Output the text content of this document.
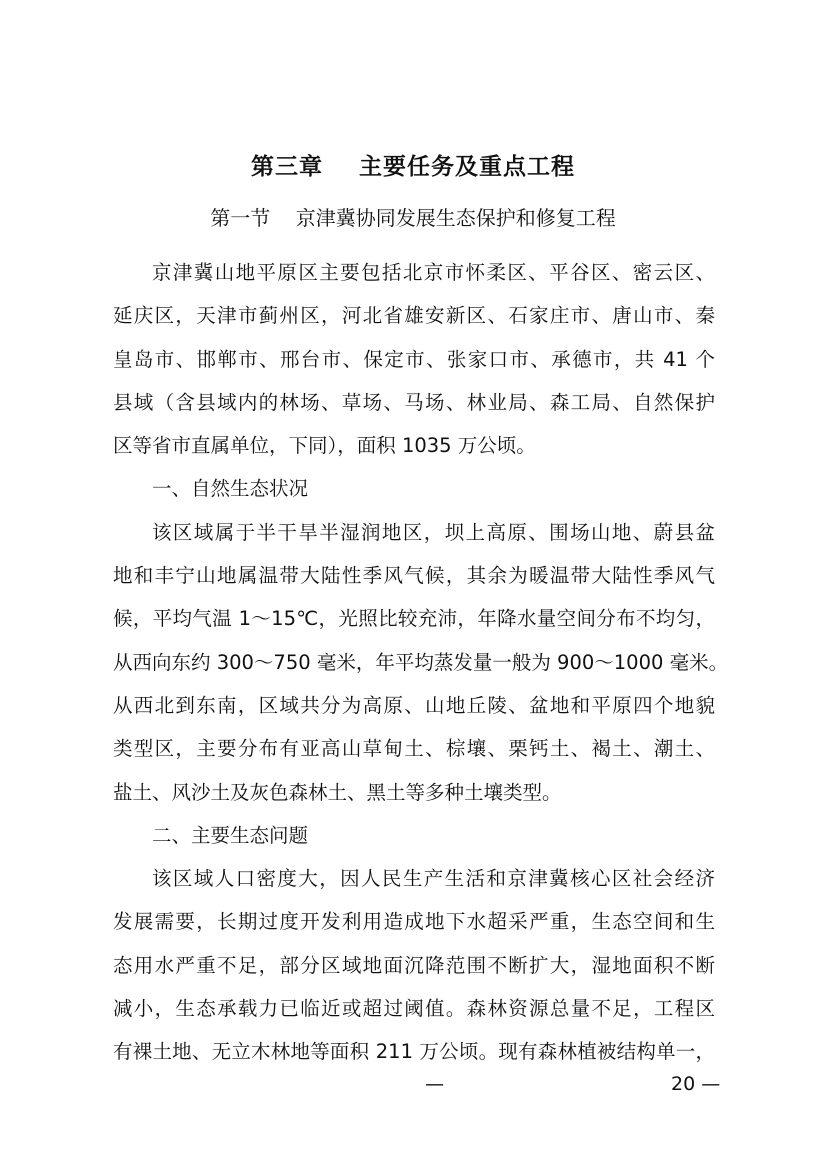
第三章    主要任务及重点工程
第一节    京津冀协同发展生态保护和修复工程
京津冀山地平原区主要包括北京市怀柔区、平谷区、密云区、
延庆区，天津市蓟州区，河北省雄安新区、石家庄市、唐山市、秦
皇岛市、邯郸市、邢台市、保定市、张家口市、承德市，共 41 个
县域（含县域内的林场、草场、马场、林业局、森工局、自然保护
区等省市直属单位，下同），面积 1035 万公顷。
一、自然生态状况
该区域属于半干旱半湿润地区，坝上高原、围场山地、蔚县盆
地和丰宁山地属温带大陆性季风气候，其余为暖温带大陆性季风气
候，平均气温 1～15℃，光照比较充沛，年降水量空间分布不均匀，
从西向东约 300～750 毫米，年平均蒸发量一般为 900～1000 毫米。
从西北到东南，区域共分为高原、山地丘陵、盆地和平原四个地貌
类型区，主要分布有亚高山草甸土、棕壤、栗钙土、褐土、潮土、
盐土、风沙土及灰色森林土、黑土等多种土壤类型。
二、主要生态问题
该区域人口密度大，因人民生产生活和京津冀核心区社会经济
发展需要，长期过度开发利用造成地下水超采严重，生态空间和生
态用水严重不足，部分区域地面沉降范围不断扩大，湿地面积不断
减小，生态承载力已临近或超过阈值。森林资源总量不足，工程区
有裸土地、无立木林地等面积 211 万公顷。现有森林植被结构单一，
—	20 —
